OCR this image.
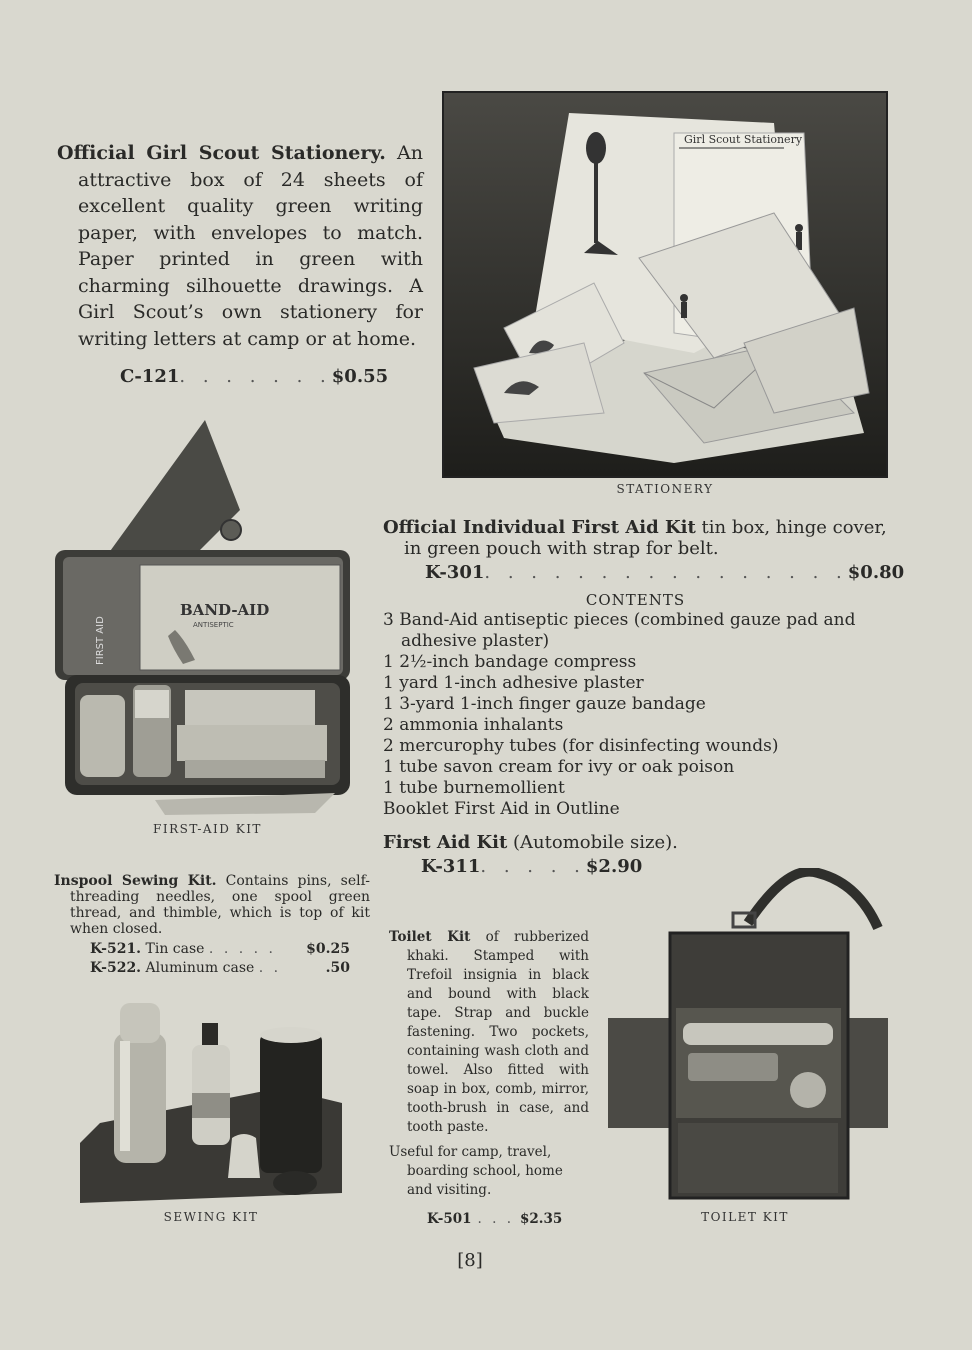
Official Girl Scout Stationery. An attractive box of 24 sheets of excellent quality green writing paper, with envelopes to match. Paper printed in green with charming silhouette drawings. A Girl Scout’s own stationery for writing letters at camp or at home.
C-121 . . . . . . . $0.55
Girl Scout Stationery
STATIONERY
BAND-AID
ANTISEPTIC
FIRST AID
FIRST-AID KIT
Official Individual First Aid Kit tin box, hinge cover, in green pouch with strap for belt.
K-301 . . . . . . . . . . . . . . . . $0.80
CONTENTS
3 Band-Aid antiseptic pieces (combined gauze pad and adhesive plaster)
1 2½-inch bandage compress
1 yard 1-inch adhesive plaster
1 3-yard 1-inch finger gauze bandage
2 ammonia inhalants
2 mercurophy tubes (for disinfecting wounds)
1 tube savon cream for ivy or oak poison
1 tube burnemollient
Booklet First Aid in Outline
First Aid Kit (Automobile size).
K-311 . . . . . $2.90
Inspool Sewing Kit. Contains pins, self-threading needles, one spool green thread, and thimble, which is top of kit when closed.
K-521. Tin case . . . . . $0.25
K-522. Aluminum case . .	.50
SEWING KIT
Toilet Kit of rubberized khaki. Stamped with Trefoil insignia in black and bound with black tape. Strap and buckle fastening. Two pockets, containing wash cloth and towel. Also fitted with soap in box, comb, mirror, tooth-brush in case, and tooth paste.
Useful for camp, travel, boarding school, home and visiting.
K-501 . . . $2.35	TOILET KIT
[8]
